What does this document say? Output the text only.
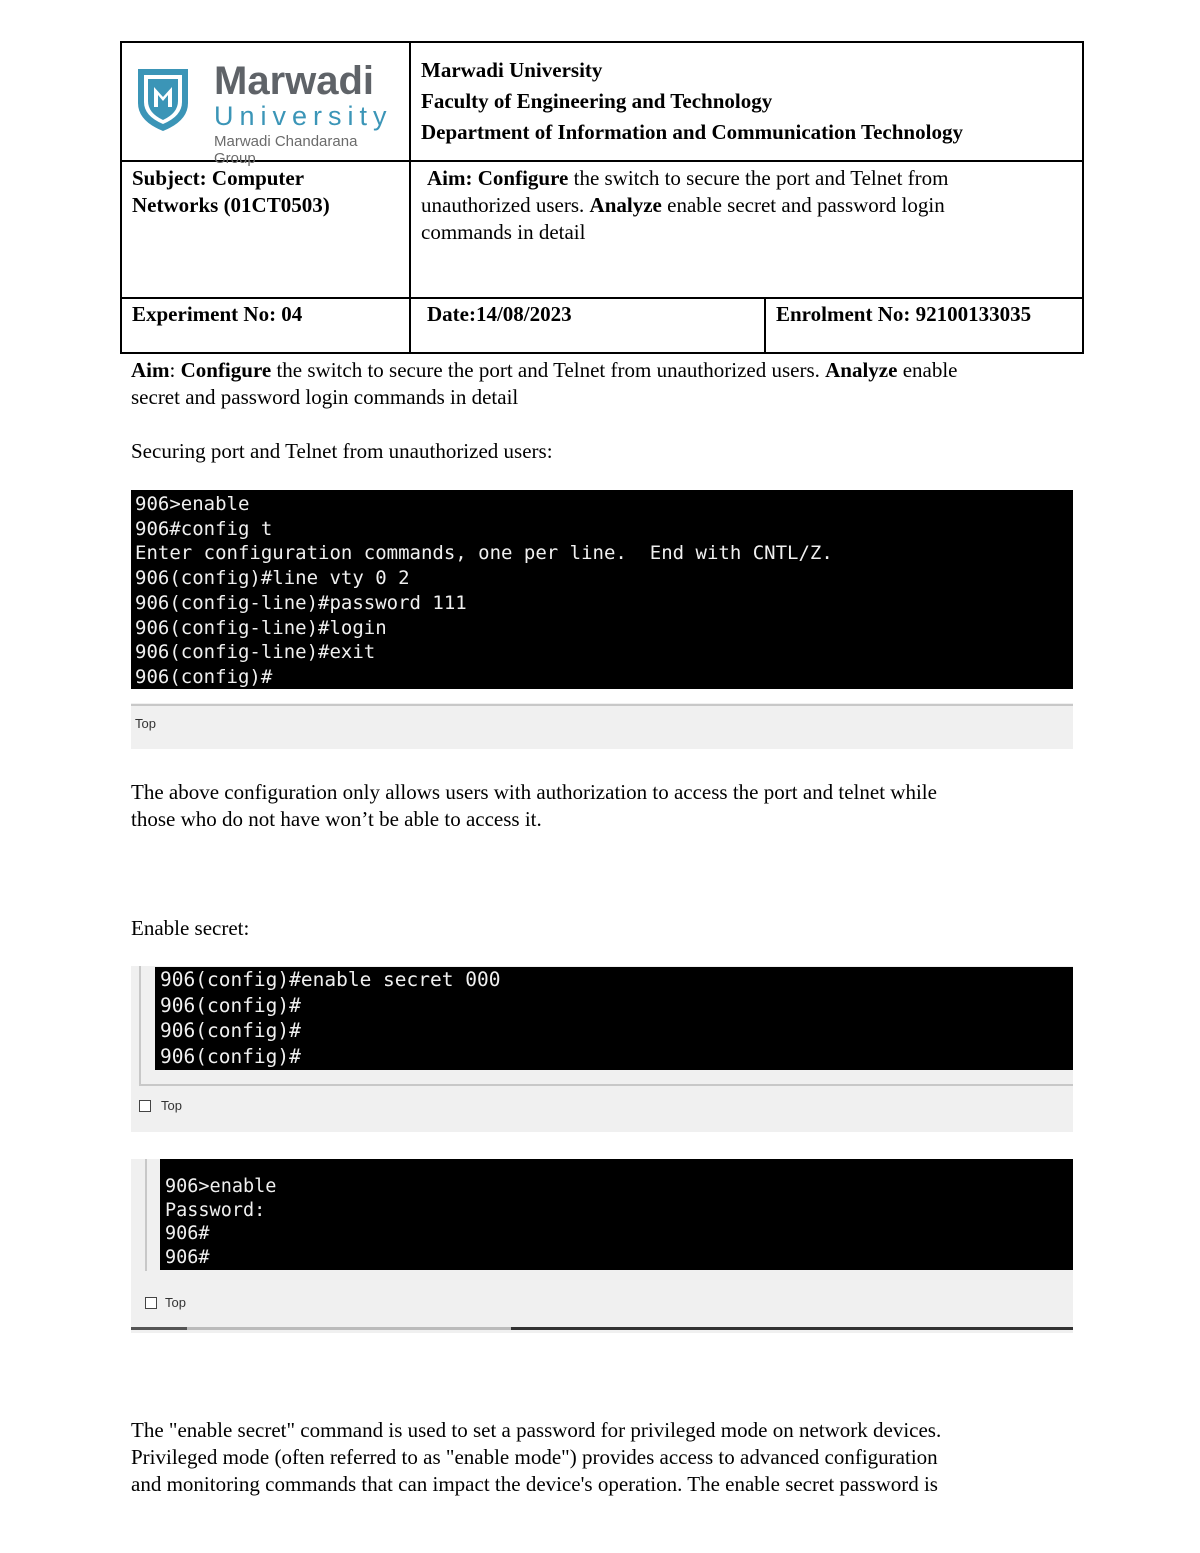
Marwadi
University
Marwadi Chandarana Group
Marwadi University
Faculty of Engineering and Technology
Department of Information and Communication Technology
Subject: Computer
Networks (01CT0503)
Aim: Configure the switch to secure the port and Telnet from
unauthorized users. Analyze enable secret and password login
commands in detail
Experiment No: 04	Date:14/08/2023	Enrolment No: 92100133035
Aim: Configure the switch to secure the port and Telnet from unauthorized users. Analyze enable
secret and password login commands in detail
Securing port and Telnet from unauthorized users:
Top
906>enable
906#config t
Enter configuration commands, one per line.  End with CNTL/Z.
906(config)#line vty 0 2
906(config-line)#password 111
906(config-line)#login
906(config-line)#exit
906(config)#
The above configuration only allows users with authorization to access the port and telnet while
those who do not have won’t be able to access it.
Enable secret:
Top
906(config)#enable secret 000
906(config)#
906(config)#
906(config)#
Top
906>enable
Password:
906#
906#
The "enable secret" command is used to set a password for privileged mode on network devices.
Privileged mode (often referred to as "enable mode") provides access to advanced configuration
and monitoring commands that can impact the device's operation. The enable secret password is
